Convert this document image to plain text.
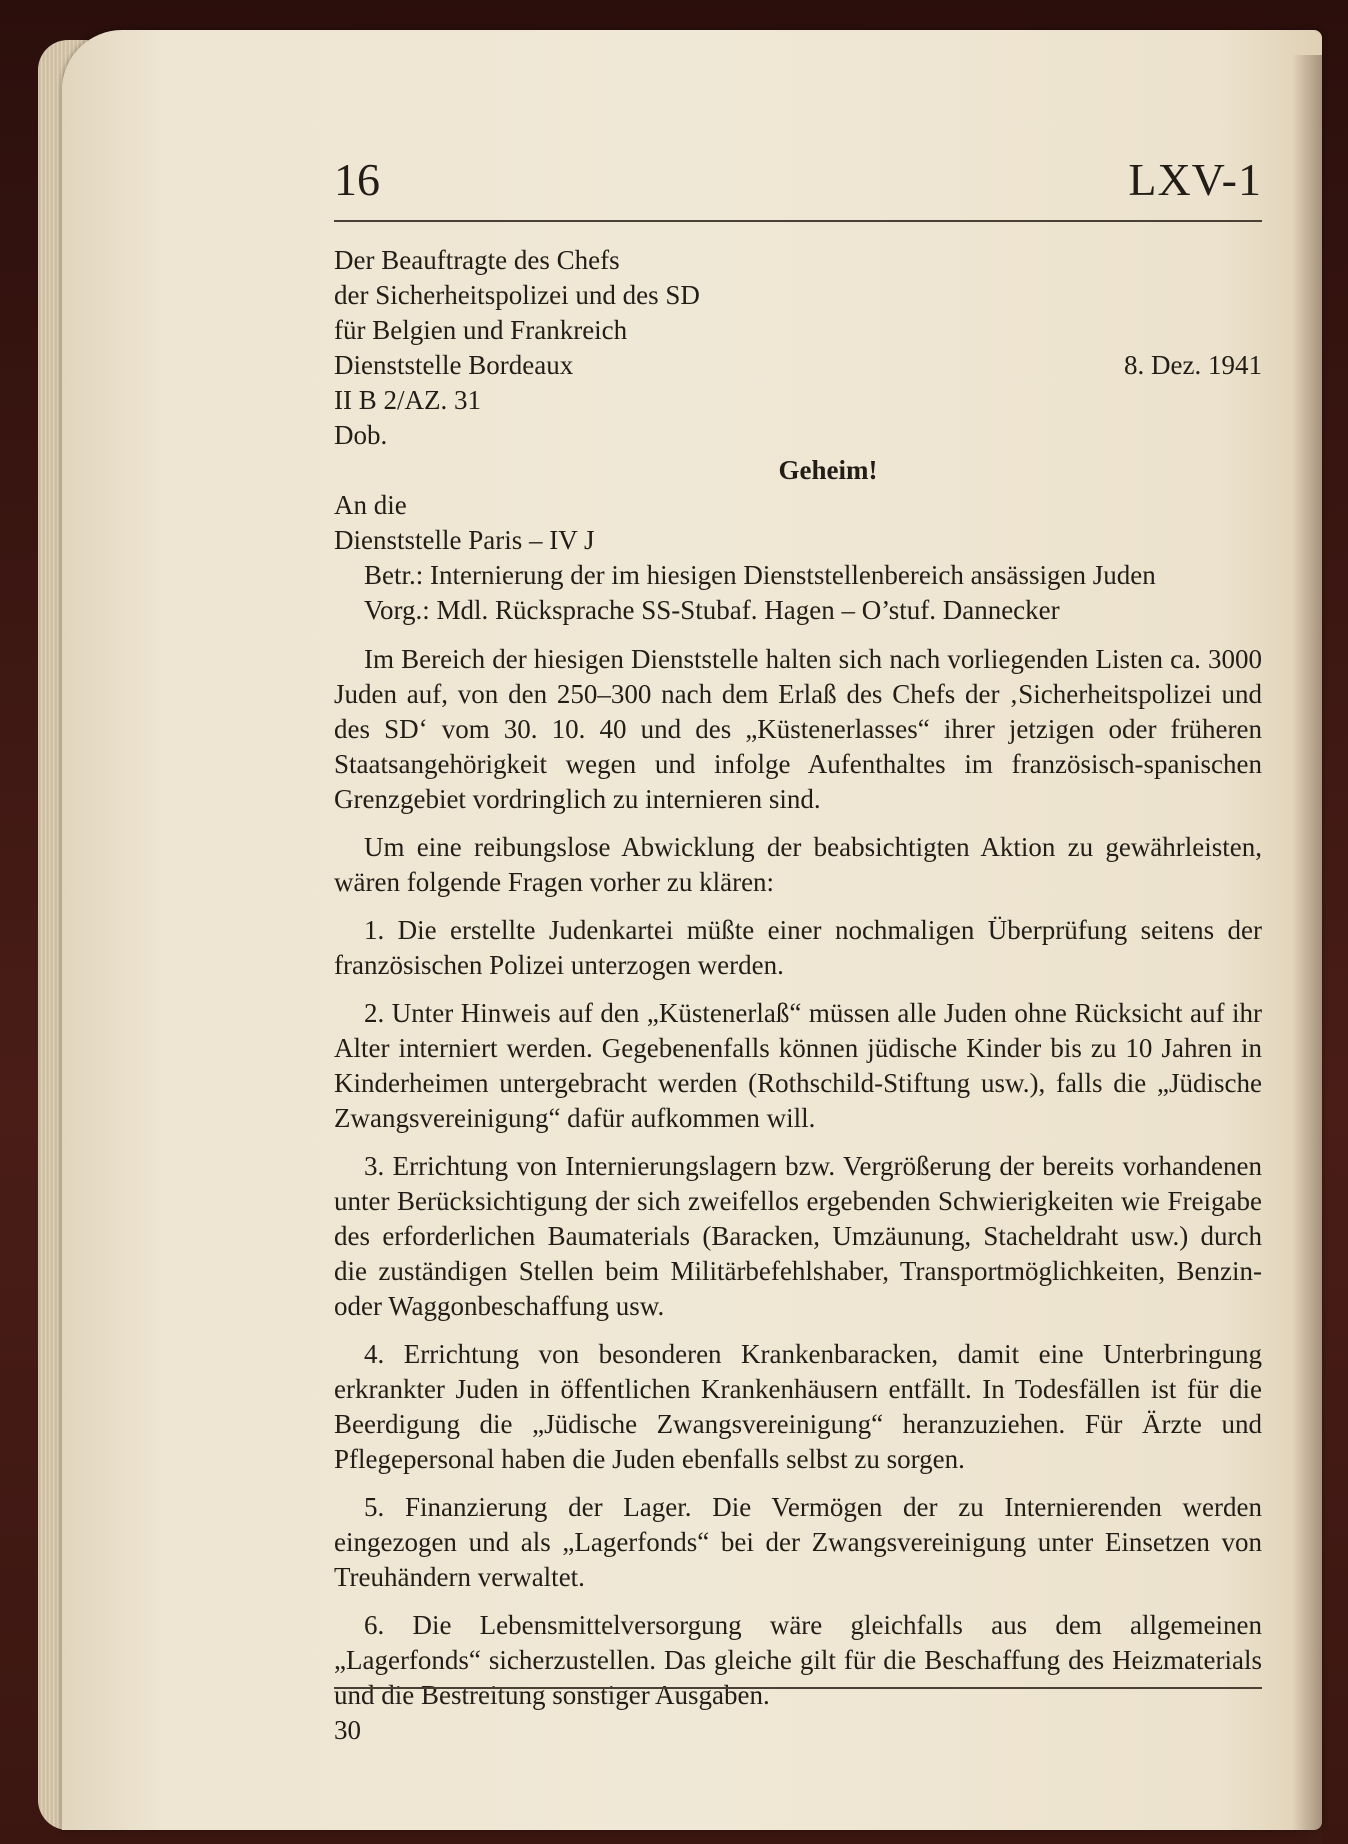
16	LXV-1
Der Beauftragte des Chefs
der Sicherheitspolizei und des SD
für Belgien und Frankreich
Dienststelle Bordeaux	8. Dez. 1941
II B 2/AZ. 31
Dob.
Geheim!
An die
Dienststelle Paris – IV J
Betr.: Internierung der im hiesigen Dienststellenbereich ansässigen Juden
Vorg.: Mdl. Rücksprache SS-Stubaf. Hagen – O’stuf. Dannecker
Im Bereich der hiesigen Dienststelle halten sich nach vorliegenden Listen ca. 3000 Juden auf, von den 250–300 nach dem Erlaß des Chefs der ‚Sicherheitspolizei und des SD‘ vom 30. 10. 40 und des „Küstenerlasses“ ihrer jetzigen oder früheren Staatsangehörigkeit wegen und infolge Aufenthaltes im französisch-spanischen Grenzgebiet vordringlich zu internieren sind.
Um eine reibungslose Abwicklung der beabsichtigten Aktion zu gewährleisten, wären folgende Fragen vorher zu klären:
1. Die erstellte Judenkartei müßte einer nochmaligen Überprüfung seitens der französischen Polizei unterzogen werden.
2. Unter Hinweis auf den „Küstenerlaß“ müssen alle Juden ohne Rücksicht auf ihr Alter interniert werden. Gegebenenfalls können jüdische Kinder bis zu 10 Jahren in Kinderheimen untergebracht werden (Rothschild-Stiftung usw.), falls die „Jüdische Zwangsvereinigung“ dafür aufkommen will.
3. Errichtung von Internierungslagern bzw. Vergrößerung der bereits vorhandenen unter Berücksichtigung der sich zweifellos ergebenden Schwierigkeiten wie Freigabe des erforderlichen Baumaterials (Baracken, Umzäunung, Stacheldraht usw.) durch die zuständigen Stellen beim Militärbefehlshaber, Transportmöglichkeiten, Benzin- oder Waggonbeschaffung usw.
4. Errichtung von besonderen Krankenbaracken, damit eine Unterbringung erkrankter Juden in öffentlichen Krankenhäusern entfällt. In Todesfällen ist für die Beerdigung die „Jüdische Zwangsvereinigung“ heranzuziehen. Für Ärzte und Pflegepersonal haben die Juden ebenfalls selbst zu sorgen.
5. Finanzierung der Lager. Die Vermögen der zu Internierenden werden eingezogen und als „Lagerfonds“ bei der Zwangsvereinigung unter Einsetzen von Treuhändern verwaltet.
6. Die Lebensmittelversorgung wäre gleichfalls aus dem allgemeinen „Lagerfonds“ sicherzustellen. Das gleiche gilt für die Beschaffung des Heizmaterials und die Bestreitung sonstiger Ausgaben.
30
